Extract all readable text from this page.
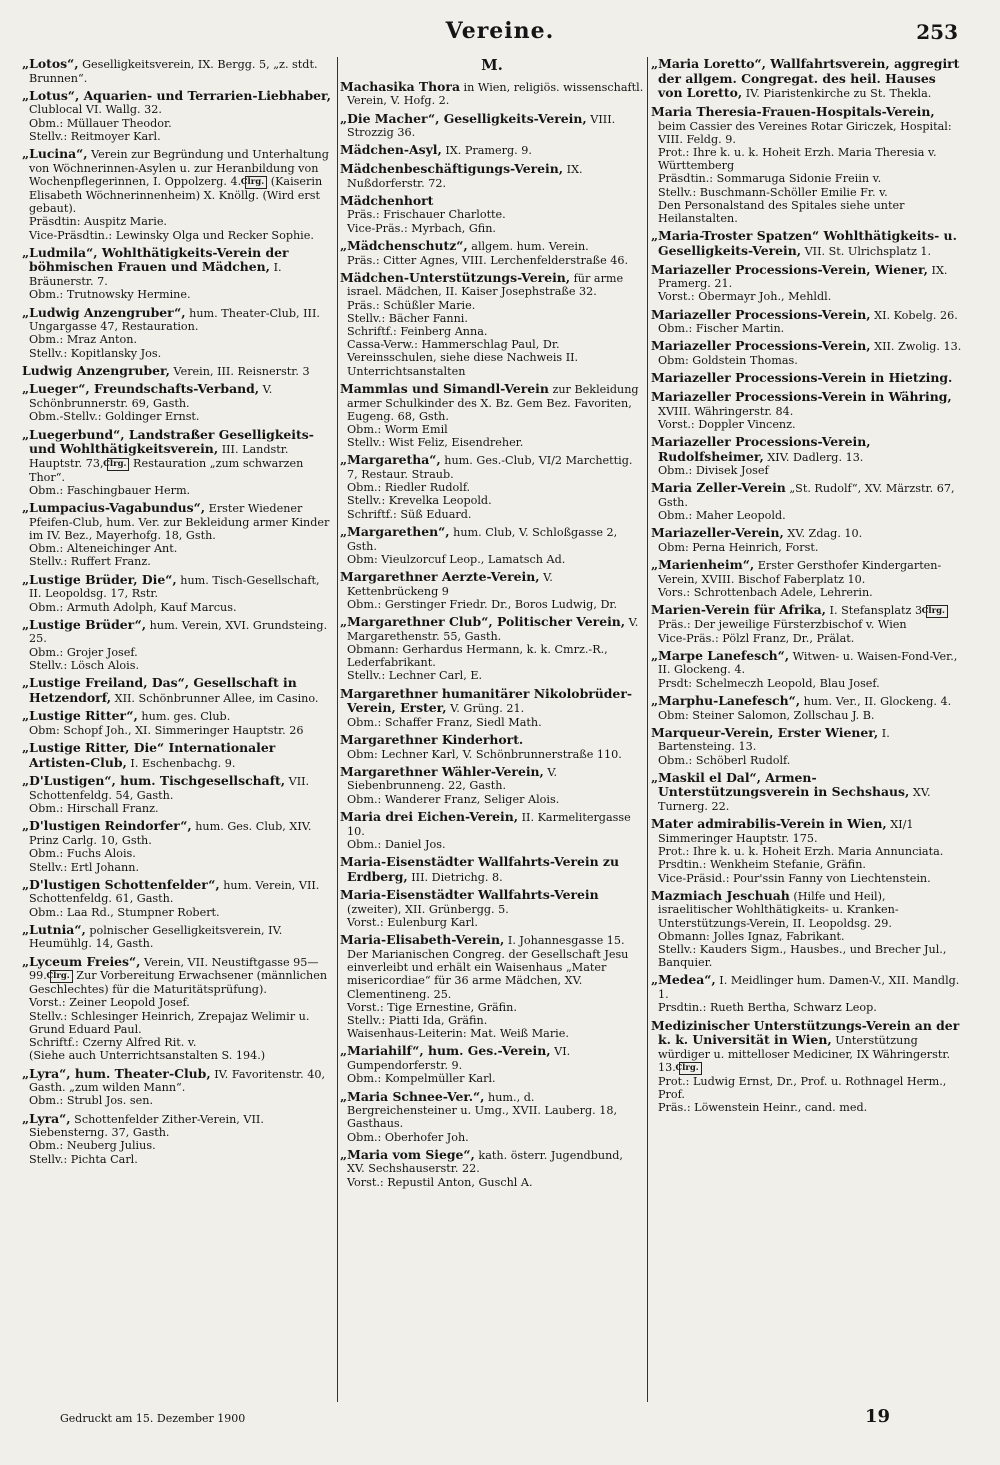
Vereine.	253
„Lotos“, Geselligkeitsverein, IX. Bergg. 5, „z. stdt. Brunnen“.
„Lotus“, Aquarien- und Terrarien-Liebhaber, Clublocal VI. Wallg. 32.
Obm.: Müllauer Theodor.
Stellv.: Reitmoyer Karl.
„Lucina“, Verein zur Begründung und Unterhaltung von Wöchnerinnen-Asylen u. zur Heranbildung von Wochenpflegerinnen, I. Oppolzerg. 4. Clrg. (Kaiserin Elisabeth Wöchnerinnenheim) X. Knöllg. (Wird erst gebaut).
Präsdtin: Auspitz Marie.
Vice-Präsdtin.: Lewinsky Olga und Recker Sophie.
„Ludmila“, Wohlthätigkeits-Verein der böhmischen Frauen und Mädchen, I. Bräunerstr. 7.
Obm.: Trutnowsky Hermine.
„Ludwig Anzengruber“, hum. Theater-Club, III. Ungargasse 47, Restauration.
Obm.: Mraz Anton.
Stellv.: Kopitlansky Jos.
Ludwig Anzengruber, Verein, III. Reisnerstr. 3
„Lueger“, Freundschafts-Verband, V. Schönbrunnerstr. 69, Gasth.
Obm.-Stellv.: Goldinger Ernst.
„Luegerbund“, Landstraßer Geselligkeits- und Wohlthätigkeitsverein, III. Landstr. Hauptstr. 73, Clrg. Restauration „zum schwarzen Thor“.
Obm.: Faschingbauer Herm.
„Lumpacius-Vagabundus“, Erster Wiedener Pfeifen-Club, hum. Ver. zur Bekleidung armer Kinder im IV. Bez., Mayerhofg. 18, Gsth.
Obm.: Alteneichinger Ant.
Stellv.: Ruffert Franz.
„Lustige Brüder, Die“, hum. Tisch-Gesellschaft, II. Leopoldsg. 17, Rstr.
Obm.: Armuth Adolph, Kauf Marcus.
„Lustige Brüder“, hum. Verein, XVI. Grundsteing. 25.
Obm.: Grojer Josef.
Stellv.: Lösch Alois.
„Lustige Freiland, Das“, Gesellschaft in Hetzendorf, XII. Schönbrunner Allee, im Casino.
„Lustige Ritter“, hum. ges. Club.
Obm: Schopf Joh., XI. Simmeringer Hauptstr. 26
„Lustige Ritter, Die“ Internationaler Artisten-Club, I. Eschenbachg. 9.
„D'Lustigen“, hum. Tischgesellschaft, VII. Schottenfeldg. 54, Gasth.
Obm.: Hirschall Franz.
„D'lustigen Reindorfer“, hum. Ges. Club, XIV. Prinz Carlg. 10, Gsth.
Obm.: Fuchs Alois.
Stellv.: Ertl Johann.
„D'lustigen Schottenfelder“, hum. Verein, VII. Schottenfeldg. 61, Gasth.
Obm.: Laa Rd., Stumpner Robert.
„Lutnia“, polnischer Geselligkeitsverein, IV. Heumühlg. 14, Gasth.
„Lyceum Freies“, Verein, VII. Neustiftgasse 95—99. Clrg. Zur Vorbereitung Erwachsener (männlichen Geschlechtes) für die Maturitätsprüfung).
Vorst.: Zeiner Leopold Josef.
Stellv.: Schlesinger Heinrich, Zrepajaz Welimir u. Grund Eduard Paul.
Schriftf.: Czerny Alfred Rit. v.
(Siehe auch Unterrichtsanstalten S. 194.)
„Lyra“, hum. Theater-Club, IV. Favoritenstr. 40, Gasth. „zum wilden Mann“.
Obm.: Strubl Jos. sen.
„Lyra“, Schottenfelder Zither-Verein, VII. Siebensterng. 37, Gasth.
Obm.: Neuberg Julius.
Stellv.: Pichta Carl.
M.
Machasika Thora in Wien, religiös. wissenschaftl. Verein, V. Hofg. 2.
„Die Macher“, Geselligkeits-Verein, VIII. Strozzig 36.
Mädchen-Asyl, IX. Pramerg. 9.
Mädchenbeschäftigungs-Verein, IX. Nußdorferstr. 72.
Mädchenhort
Präs.: Frischauer Charlotte.
Vice-Präs.: Myrbach, Gfin.
„Mädchenschutz“, allgem. hum. Verein.
Präs.: Citter Agnes, VIII. Lerchenfelderstraße 46.
Mädchen-Unterstützungs-Verein, für arme israel. Mädchen, II. Kaiser Josephstraße 32.
Präs.: Schüßler Marie.
Stellv.: Bächer Fanni.
Schriftf.: Feinberg Anna.
Cassa-Verw.: Hammerschlag Paul, Dr.
Vereinsschulen, siehe diese Nachweis II. Unterrichtsanstalten
Mammlas und Simandl-Verein zur Bekleidung armer Schulkinder des X. Bz. Gem Bez. Favoriten, Eugeng. 68, Gsth.
Obm.: Worm Emil
Stellv.: Wist Feliz, Eisendreher.
„Margaretha“, hum. Ges.-Club, VI/2 Marchettig. 7, Restaur. Straub.
Obm.: Riedler Rudolf.
Stellv.: Krevelka Leopold.
Schriftf.: Süß Eduard.
„Margarethen“, hum. Club, V. Schloßgasse 2, Gsth.
Obm: Vieulzorcuf Leop., Lamatsch Ad.
Margarethner Aerzte-Verein, V. Kettenbrückeng 9
Obm.: Gerstinger Friedr. Dr., Boros Ludwig, Dr.
„Margarethner Club“, Politischer Verein, V. Margarethenstr. 55, Gasth.
Obmann: Gerhardus Hermann, k. k. Cmrz.-R., Lederfabrikant.
Stellv.: Lechner Carl, E.
Margarethner humanitärer Nikolobrüder-Verein, Erster, V. Grüng. 21.
Obm.: Schaffer Franz, Siedl Math.
Margarethner Kinderhort.
Obm: Lechner Karl, V. Schönbrunnerstraße 110.
Margarethner Wähler-Verein, V. Siebenbrunneng. 22, Gasth.
Obm.: Wanderer Franz, Seliger Alois.
Maria drei Eichen-Verein, II. Karmelitergasse 10.
Obm.: Daniel Jos.
Maria-Eisenstädter Wallfahrts-Verein zu Erdberg, III. Dietrichg. 8.
Maria-Eisenstädter Wallfahrts-Verein (zweiter), XII. Grünbergg. 5.
Vorst.: Eulenburg Karl.
Maria-Elisabeth-Verein, I. Johannesgasse 15. Der Marianischen Congreg. der Gesellschaft Jesu einverleibt und erhält ein Waisenhaus „Mater misericordiae“ für 36 arme Mädchen, XV. Clementineng. 25.
Vorst.: Tige Ernestine, Gräfin.
Stellv.: Piatti Ida, Gräfin.
Waisenhaus-Leiterin: Mat. Weiß Marie.
„Mariahilf“, hum. Ges.-Verein, VI. Gumpendorferstr. 9.
Obm.: Kompelmüller Karl.
„Maria Schnee-Ver.“, hum., d. Bergreichensteiner u. Umg., XVII. Lauberg. 18, Gasthaus.
Obm.: Oberhofer Joh.
„Maria vom Siege“, kath. österr. Jugendbund, XV. Sechshauserstr. 22.
Vorst.: Repustil Anton, Guschl A.
„Maria Loretto“, Wallfahrtsverein, aggregirt der allgem. Congregat. des heil. Hauses von Loretto, IV. Piaristenkirche zu St. Thekla.
Maria Theresia-Frauen-Hospitals-Verein, beim Cassier des Vereines Rotar Giriczek, Hospital: VIII. Feldg. 9.
Prot.: Ihre k. u. k. Hoheit Erzh. Maria Theresia v. Württemberg
Präsdtin.: Sommaruga Sidonie Freiin v.
Stellv.: Buschmann-Schöller Emilie Fr. v.
Den Personalstand des Spitales siehe unter Heilanstalten.
„Maria-Troster Spatzen“ Wohlthätigkeits- u. Geselligkeits-Verein, VII. St. Ulrichsplatz 1.
Mariazeller Processions-Verein, Wiener, IX. Pramerg. 21.
Vorst.: Obermayr Joh., Mehldl.
Mariazeller Processions-Verein, XI. Kobelg. 26.
Obm.: Fischer Martin.
Mariazeller Processions-Verein, XII. Zwolig. 13.
Obm: Goldstein Thomas.
Mariazeller Processions-Verein in Hietzing.
Mariazeller Processions-Verein in Währing, XVIII. Währingerstr. 84.
Vorst.: Doppler Vincenz.
Mariazeller Processions-Verein, Rudolfsheimer, XIV. Dadlerg. 13.
Obm.: Divisek Josef
Maria Zeller-Verein „St. Rudolf“, XV. Märzstr. 67, Gsth.
Obm.: Maher Leopold.
Mariazeller-Verein, XV. Zdag. 10.
Obm: Perna Heinrich, Forst.
„Marienheim“, Erster Gersthofer Kindergarten-Verein, XVIII. Bischof Faberplatz 10.
Vors.: Schrottenbach Adele, Lehrerin.
Marien-Verein für Afrika, I. Stefansplatz 3 Clrg.
Präs.: Der jeweilige Fürsterzbischof v. Wien
Vice-Präs.: Pölzl Franz, Dr., Prälat.
„Marpe Lanefesch“, Witwen- u. Waisen-Fond-Ver., II. Glockeng. 4.
Prsdt: Schelmeczh Leopold, Blau Josef.
„Marphu-Lanefesch“, hum. Ver., II. Glockeng. 4.
Obm: Steiner Salomon, Zollschau J. B.
Marqueur-Verein, Erster Wiener, I. Bartensteing. 13.
Obm.: Schöberl Rudolf.
„Maskil el Dal“, Armen-Unterstützungsverein in Sechshaus, XV. Turnerg. 22.
Mater admirabilis-Verein in Wien, XI/1 Simmeringer Hauptstr. 175.
Prot.: Ihre k. u. k. Hoheit Erzh. Maria Annunciata.
Prsdtin.: Wenkheim Stefanie, Gräfin.
Vice-Präsid.: Pour'ssin Fanny von Liechtenstein.
Mazmiach Jeschuah (Hilfe und Heil), israelitischer Wohlthätigkeits- u. Kranken-Unterstützungs-Verein, II. Leopoldsg. 29.
Obmann: Jolles Ignaz, Fabrikant.
Stellv.: Kauders Sigm., Hausbes., und Brecher Jul., Banquier.
„Medea“, I. Meidlinger hum. Damen-V., XII. Mandlg. 1.
Prsdtin.: Rueth Bertha, Schwarz Leop.
Medizinischer Unterstützungs-Verein an der k. k. Universität in Wien, Unterstützung würdiger u. mittelloser Mediciner, IX Währingerstr. 13. Clrg.
Prot.: Ludwig Ernst, Dr., Prof. u. Rothnagel Herm., Prof.
Präs.: Löwenstein Heinr., cand. med.
Gedruckt am 15. Dezember 1900	19
